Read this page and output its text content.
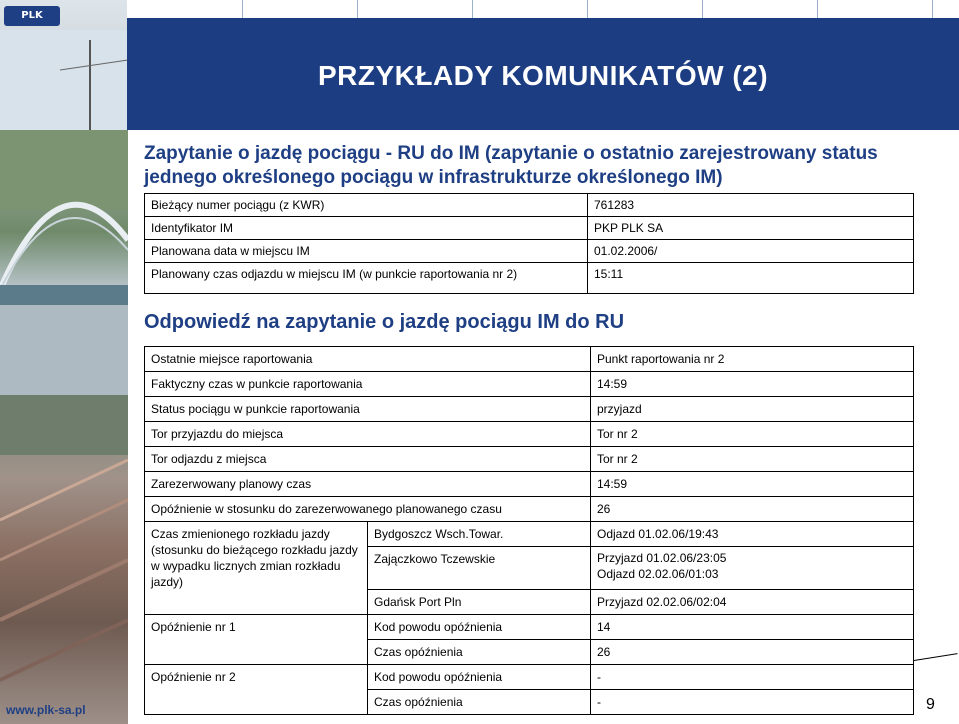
PLK
www.plk-sa.pl
PRZYKŁADY KOMUNIKATÓW (2)
Zapytanie o jazdę pociągu - RU do IM (zapytanie o ostatnio zarejestrowany status jednego określonego pociągu w infrastrukturze określonego IM)
Bieżący numer pociągu (z KWR)	761283
Identyfikator IM	PKP PLK SA
Planowana data w miejscu IM	01.02.2006/
Planowany czas odjazdu w miejscu IM (w punkcie raportowania nr 2)	15:11
Odpowiedź na zapytanie o jazdę pociągu IM do RU
Ostatnie miejsce raportowania		Punkt raportowania nr 2
Faktyczny czas w punkcie raportowania		14:59
Status pociągu w punkcie raportowania		przyjazd
Tor przyjazdu do miejsca		Tor nr 2
Tor odjazdu z miejsca		Tor nr 2
Zarezerwowany planowy czas		14:59
Opóźnienie w stosunku do zarezerwowanego planowanego czasu		26
Czas zmienionego rozkładu jazdy (stosunku do bieżącego rozkładu jazdy w wypadku licznych zmian rozkładu jazdy)	Bydgoszcz Wsch.Towar.	Odjazd 01.02.06/19:43
	Zajączkowo Tczewskie	Przyjazd 01.02.06/23:05
Odjazd 02.02.06/01:03
	Gdańsk Port Pln	Przyjazd 02.02.06/02:04
Opóźnienie nr 1	Kod powodu opóźnienia	14
	Czas opóźnienia	26
Opóźnienie nr 2	Kod powodu opóźnienia	-
	Czas opóźnienia	-	9
